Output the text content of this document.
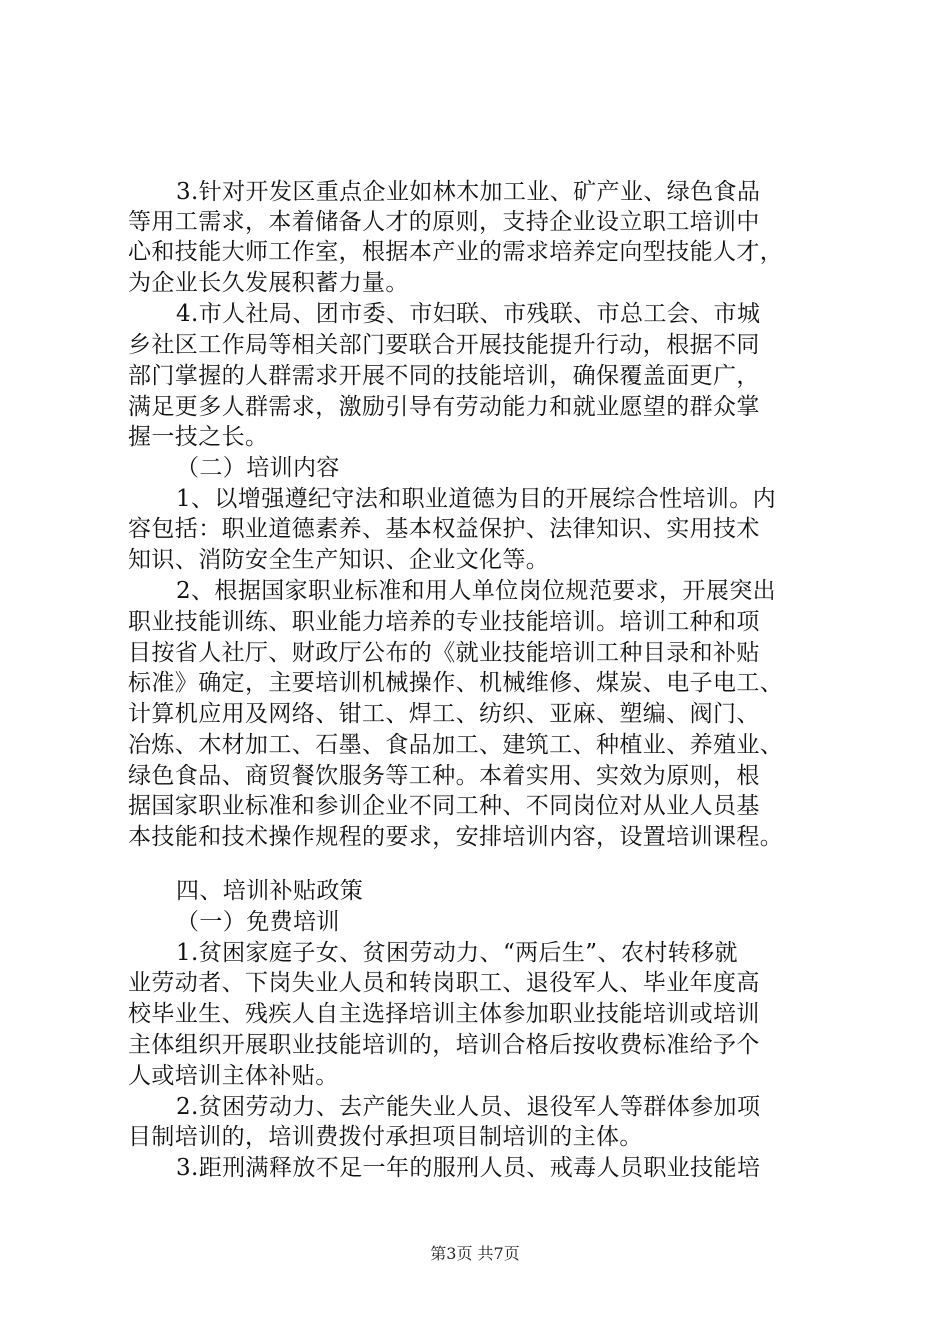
3.针对开发区重点企业如林木加工业、矿产业、绿色食品
等用工需求，本着储备人才的原则，支持企业设立职工培训中
心和技能大师工作室，根据本产业的需求培养定向型技能人才，
为企业长久发展积蓄力量。
4.市人社局、团市委、市妇联、市残联、市总工会、市城
乡社区工作局等相关部门要联合开展技能提升行动，根据不同
部门掌握的人群需求开展不同的技能培训，确保覆盖面更广，
满足更多人群需求，激励引导有劳动能力和就业愿望的群众掌
握一技之长。
（二）培训内容
1、以增强遵纪守法和职业道德为目的开展综合性培训。内
容包括：职业道德素养、基本权益保护、法律知识、实用技术
知识、消防安全生产知识、企业文化等。
2、根据国家职业标准和用人单位岗位规范要求，开展突出
职业技能训练、职业能力培养的专业技能培训。培训工种和项
目按省人社厅、财政厅公布的《就业技能培训工种目录和补贴
标准》确定，主要培训机械操作、机械维修、煤炭、电子电工、
计算机应用及网络、钳工、焊工、纺织、亚麻、塑编、阀门、
冶炼、木材加工、石墨、食品加工、建筑工、种植业、养殖业、
绿色食品、商贸餐饮服务等工种。本着实用、实效为原则，根
据国家职业标准和参训企业不同工种、不同岗位对从业人员基
本技能和技术操作规程的要求，安排培训内容，设置培训课程。
四、培训补贴政策
（一）免费培训
1.贫困家庭子女、贫困劳动力、“两后生”、农村转移就
业劳动者、下岗失业人员和转岗职工、退役军人、毕业年度高
校毕业生、残疾人自主选择培训主体参加职业技能培训或培训
主体组织开展职业技能培训的，培训合格后按收费标准给予个
人或培训主体补贴。
2.贫困劳动力、去产能失业人员、退役军人等群体参加项
目制培训的，培训费拨付承担项目制培训的主体。
3.距刑满释放不足一年的服刑人员、戒毒人员职业技能培
第3页 共7页
